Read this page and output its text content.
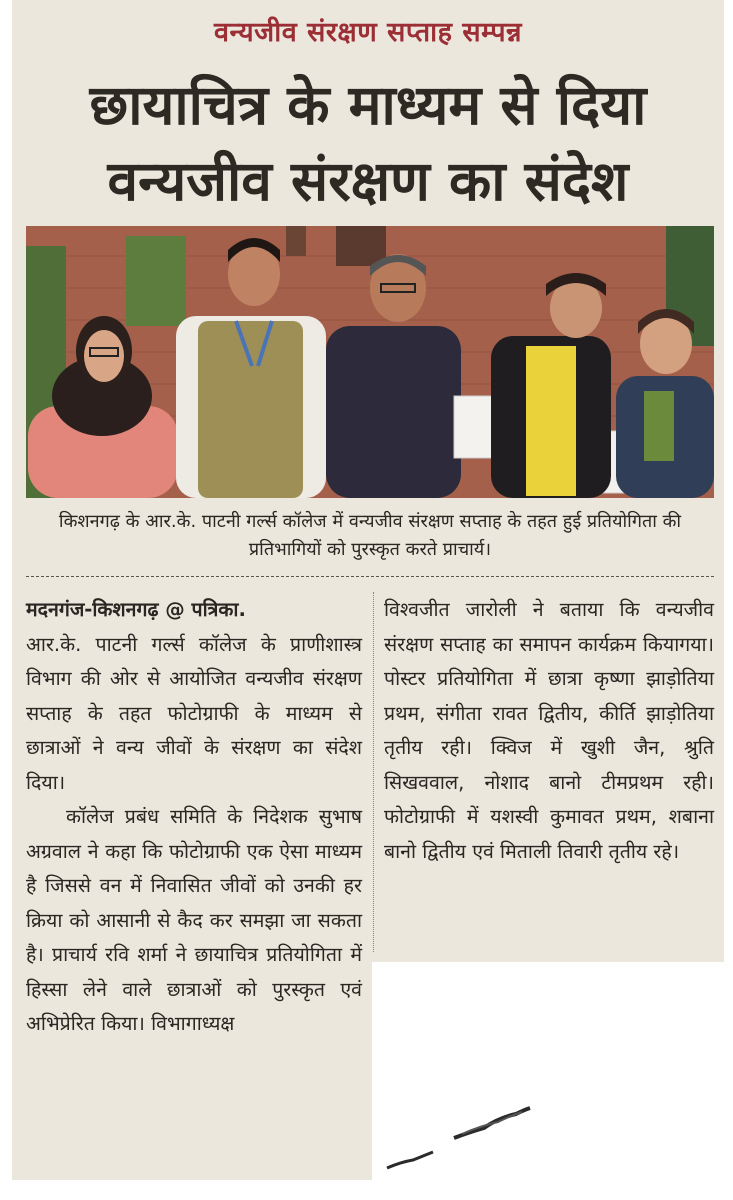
वन्यजीव संरक्षण सप्ताह सम्पन्न
छायाचित्र के माध्यम से दिया
वन्यजीव संरक्षण का संदेश
किशनगढ़ के आर.के. पाटनी गर्ल्स कॉलेज में वन्यजीव संरक्षण सप्ताह के तहत हुई प्रतियोगिता की प्रतिभागियों को पुरस्कृत करते प्राचार्य।

मदनगंज-किशनगढ़ @ पत्रिका.

आर.के. पाटनी गर्ल्स कॉलेज के प्राणीशास्त्र विभाग की ओर से आयोजित वन्यजीव संरक्षण सप्ताह के तहत फोटोग्राफी के माध्यम से छात्राओं ने वन्य जीवों के संरक्षण का संदेश दिया।

कॉलेज प्रबंध समिति के निदेशक सुभाष अग्रवाल ने कहा कि फोटोग्राफी एक ऐसा माध्यम है जिससे वन में निवासित जीवों को उनकी हर क्रिया को आसानी से कैद कर समझा जा सकता है। प्राचार्य रवि शर्मा ने छायाचित्र प्रतियोगिता में हिस्सा लेने वाले छात्राओं को पुरस्कृत एवं अभिप्रेरित किया। विभागाध्यक्ष

विश्वजीत जारोली ने बताया कि वन्यजीव संरक्षण सप्ताह का समापन कार्यक्रम कियागया। पोस्टर प्रतियोगिता में छात्रा कृष्णा झाड़ोतिया प्रथम, संगीता रावत द्वितीय, कीर्ति झाड़ोतिया तृतीय रही। क्विज में खुशी जैन, श्रुति सिखववाल, नोशाद बानो टीमप्रथम रही। फोटोग्राफी में यशस्वी कुमावत प्रथम, शबाना बानो द्वितीय एवं मिताली तिवारी तृतीय रहे।
